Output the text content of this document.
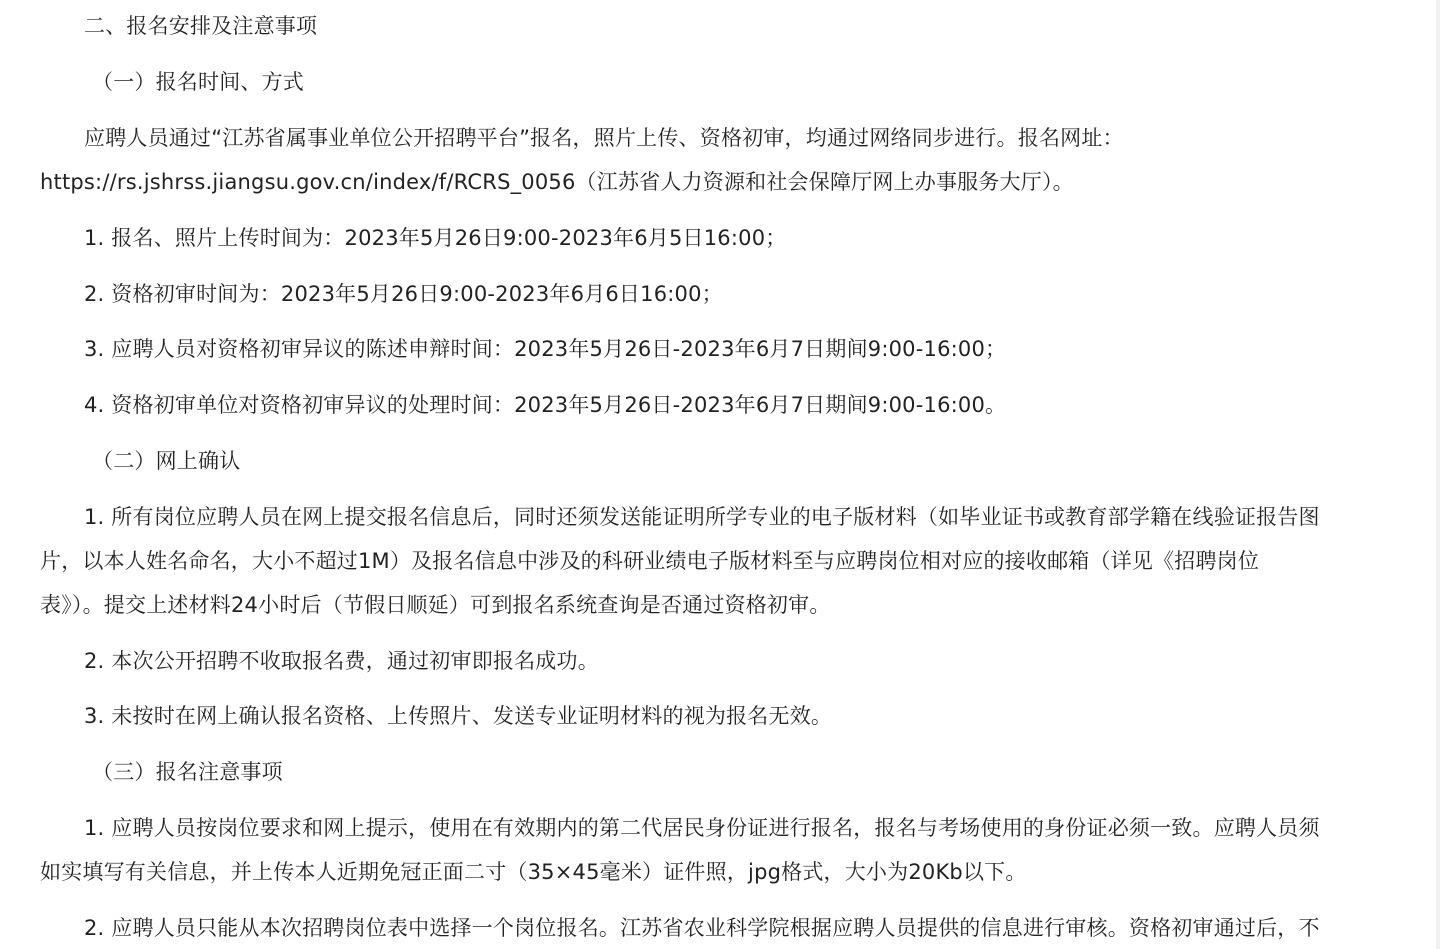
二、报名安排及注意事项

（一）报名时间、方式

应聘人员通过“江苏省属事业单位公开招聘平台”报名，照片上传、资格初审，均通过网络同步进行。报名网址：

https://rs.jshrss.jiangsu.gov.cn/index/f/RCRS_0056（江苏省人力资源和社会保障厅网上办事服务大厅）。

1. 报名、照片上传时间为：2023年5月26日9:00-2023年6月5日16:00；

2. 资格初审时间为：2023年5月26日9:00-2023年6月6日16:00；

3. 应聘人员对资格初审异议的陈述申辩时间：2023年5月26日-2023年6月7日期间9:00-16:00；

4. 资格初审单位对资格初审异议的处理时间：2023年5月26日-2023年6月7日期间9:00-16:00。

（二）网上确认

1. 所有岗位应聘人员在网上提交报名信息后，同时还须发送能证明所学专业的电子版材料（如毕业证书或教育部学籍在线验证报告图

片，以本人姓名命名，大小不超过1M）及报名信息中涉及的科研业绩电子版材料至与应聘岗位相对应的接收邮箱（详见《招聘岗位

表》）。提交上述材料24小时后（节假日顺延）可到报名系统查询是否通过资格初审。

2. 本次公开招聘不收取报名费，通过初审即报名成功。

3. 未按时在网上确认报名资格、上传照片、发送专业证明材料的视为报名无效。

（三）报名注意事项

1. 应聘人员按岗位要求和网上提示，使用在有效期内的第二代居民身份证进行报名，报名与考场使用的身份证必须一致。应聘人员须

如实填写有关信息，并上传本人近期免冠正面二寸（35×45毫米）证件照，jpg格式，大小为20Kb以下。

2. 应聘人员只能从本次招聘岗位表中选择一个岗位报名。江苏省农业科学院根据应聘人员提供的信息进行审核。资格初审通过后，不
